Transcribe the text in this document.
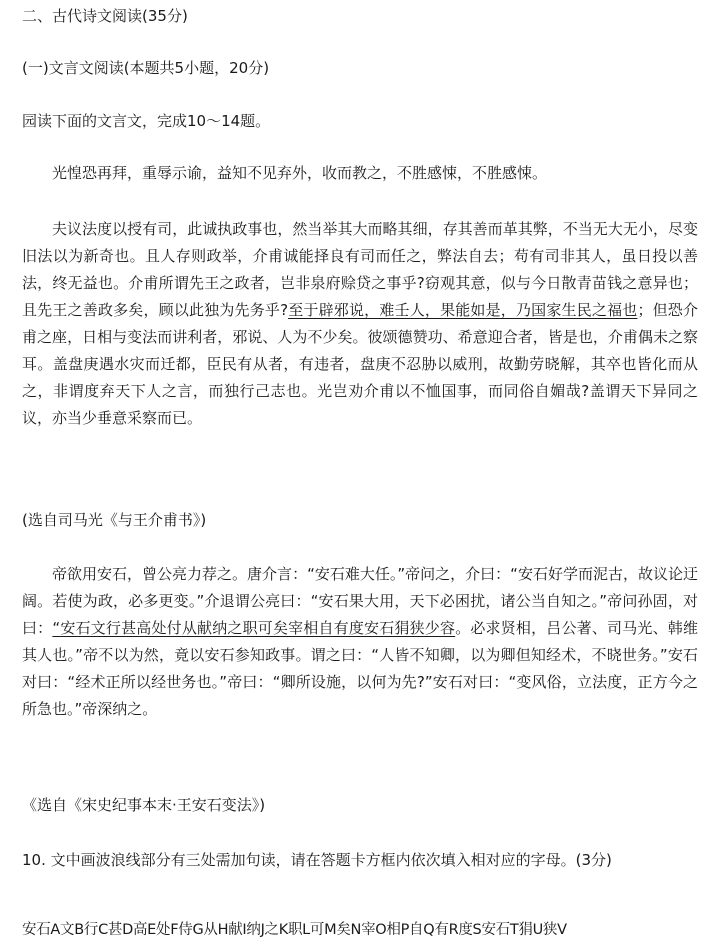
二、古代诗文阅读(35分)
(一)文言文阅读(本题共5小题，20分)
园读下面的文言文，完成10～14题。
光惶恐再拜，重辱示谕，益知不见弃外，收而教之，不胜感悚，不胜感悚。
夫议法度以授有司，此诚执政事也，然当举其大而略其细，存其善而革其弊，不当无大无小，尽变旧法以为新奇也。且人存则政举，介甫诚能择良有司而任之，弊法自去；苟有司非其人，虽日投以善法，终无益也。介甫所谓先王之政者，岂非泉府赊贷之事乎?窃观其意，似与今日散青苗钱之意异也；且先王之善政多矣，顾以此独为先务乎?至于辟邪说，难壬人，果能如是，乃国家生民之福也；但恐介甫之座，日相与变法而讲利者，邪说、人为不少矣。彼颂德赞功、希意迎合者，皆是也，介甫偶未之察耳。盖盘庚遇水灾而迁都，臣民有从者，有违者，盘庚不忍胁以威刑，故勤劳晓解，其卒也皆化而从之，非谓度弃天下人之言，而独行己志也。光岂劝介甫以不恤国事，而同俗自媚哉?盖谓天下异同之议，亦当少垂意采察而已。
(选自司马光《与王介甫书》)
帝欲用安石，曾公亮力荐之。唐介言：“安石难大任。”帝问之，介曰：“安石好学而泥古，故议论迂阔。若使为政，必多更变。”介退谓公亮曰：“安石果大用，天下必困扰，诸公当自知之。”帝问孙固，对曰：“安石文行甚高处付从献纳之职可矣宰相自有度安石狷狭少容。必求贤相，吕公著、司马光、韩维其人也。”帝不以为然，竟以安石参知政事。谓之曰：“人皆不知卿，以为卿但知经术，不晓世务。”安石对曰：“经术正所以经世务也。”帝曰：“卿所设施，以何为先?”安石对曰：“变风俗，立法度，正方今之所急也。”帝深纳之。
《选自《宋史纪事本末·王安石变法》)
10. 文中画波浪线部分有三处需加句读，请在答题卡方框内依次填入相对应的字母。(3分)
安石A文B行C甚D高E处F侍G从H献I纳J之K职L可M矣N宰O相P自Q有R度S安石T狷U狭V
